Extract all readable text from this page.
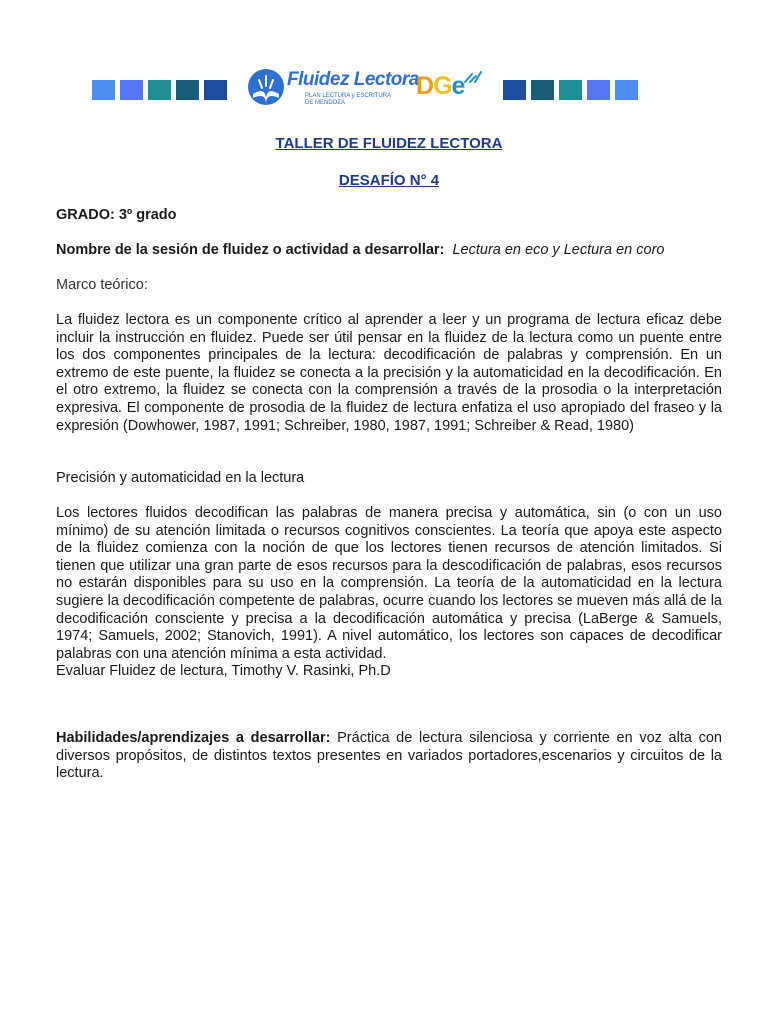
Fluidez Lectora
PLAN LECTURA y ESCRITURA
DE MENDOZA
DGe
TALLER DE FLUIDEZ LECTORA
DESAFÍO N° 4
GRADO: 3º grado
Nombre de la sesión de fluidez o actividad a desarrollar: Lectura en eco y Lectura en coro
Marco teórico:

La fluidez lectora es un componente crítico al aprender a leer y un programa de lectura eficaz debe incluir la instrucción en fluidez. Puede ser útil pensar en la fluidez de la lectura como un puente entre los dos componentes principales de la lectura: decodificación de palabras y comprensión. En un extremo de este puente, la fluidez se conecta a la precisión y la automaticidad en la decodificación. En el otro extremo, la fluidez se conecta con la comprensión a través de la prosodia o la interpretación expresiva. El componente de prosodia de la fluidez de lectura enfatiza el uso apropiado del fraseo y la expresión (Dowhower, 1987, 1991; Schreiber, 1980, 1987, 1991; Schreiber & Read, 1980)

Precisión y automaticidad en la lectura

Los lectores fluidos decodifican las palabras de manera precisa y automática, sin (o con un uso mínimo) de su atención limitada o recursos cognitivos conscientes. La teoría que apoya este aspecto de la fluidez comienza con la noción de que los lectores tienen recursos de atención limitados. Si tienen que utilizar una gran parte de esos recursos para la descodificación de palabras, esos recursos no estarán disponibles para su uso en la comprensión. La teoría de la automaticidad en la lectura sugiere la decodificación competente de palabras, ocurre cuando los lectores se mueven más allá de la decodificación consciente y precisa a la decodificación automática y precisa (LaBerge & Samuels, 1974; Samuels, 2002; Stanovich, 1991). A nivel automático, los lectores son capaces de decodificar palabras con una atención mínima a esta actividad.

Evaluar Fluidez de lectura, Timothy V. Rasinki, Ph.D

Habilidades/aprendizajes a desarrollar: Práctica de lectura silenciosa y corriente en voz alta con diversos propósitos, de distintos textos presentes en variados portadores,escenarios y circuitos de la lectura.
